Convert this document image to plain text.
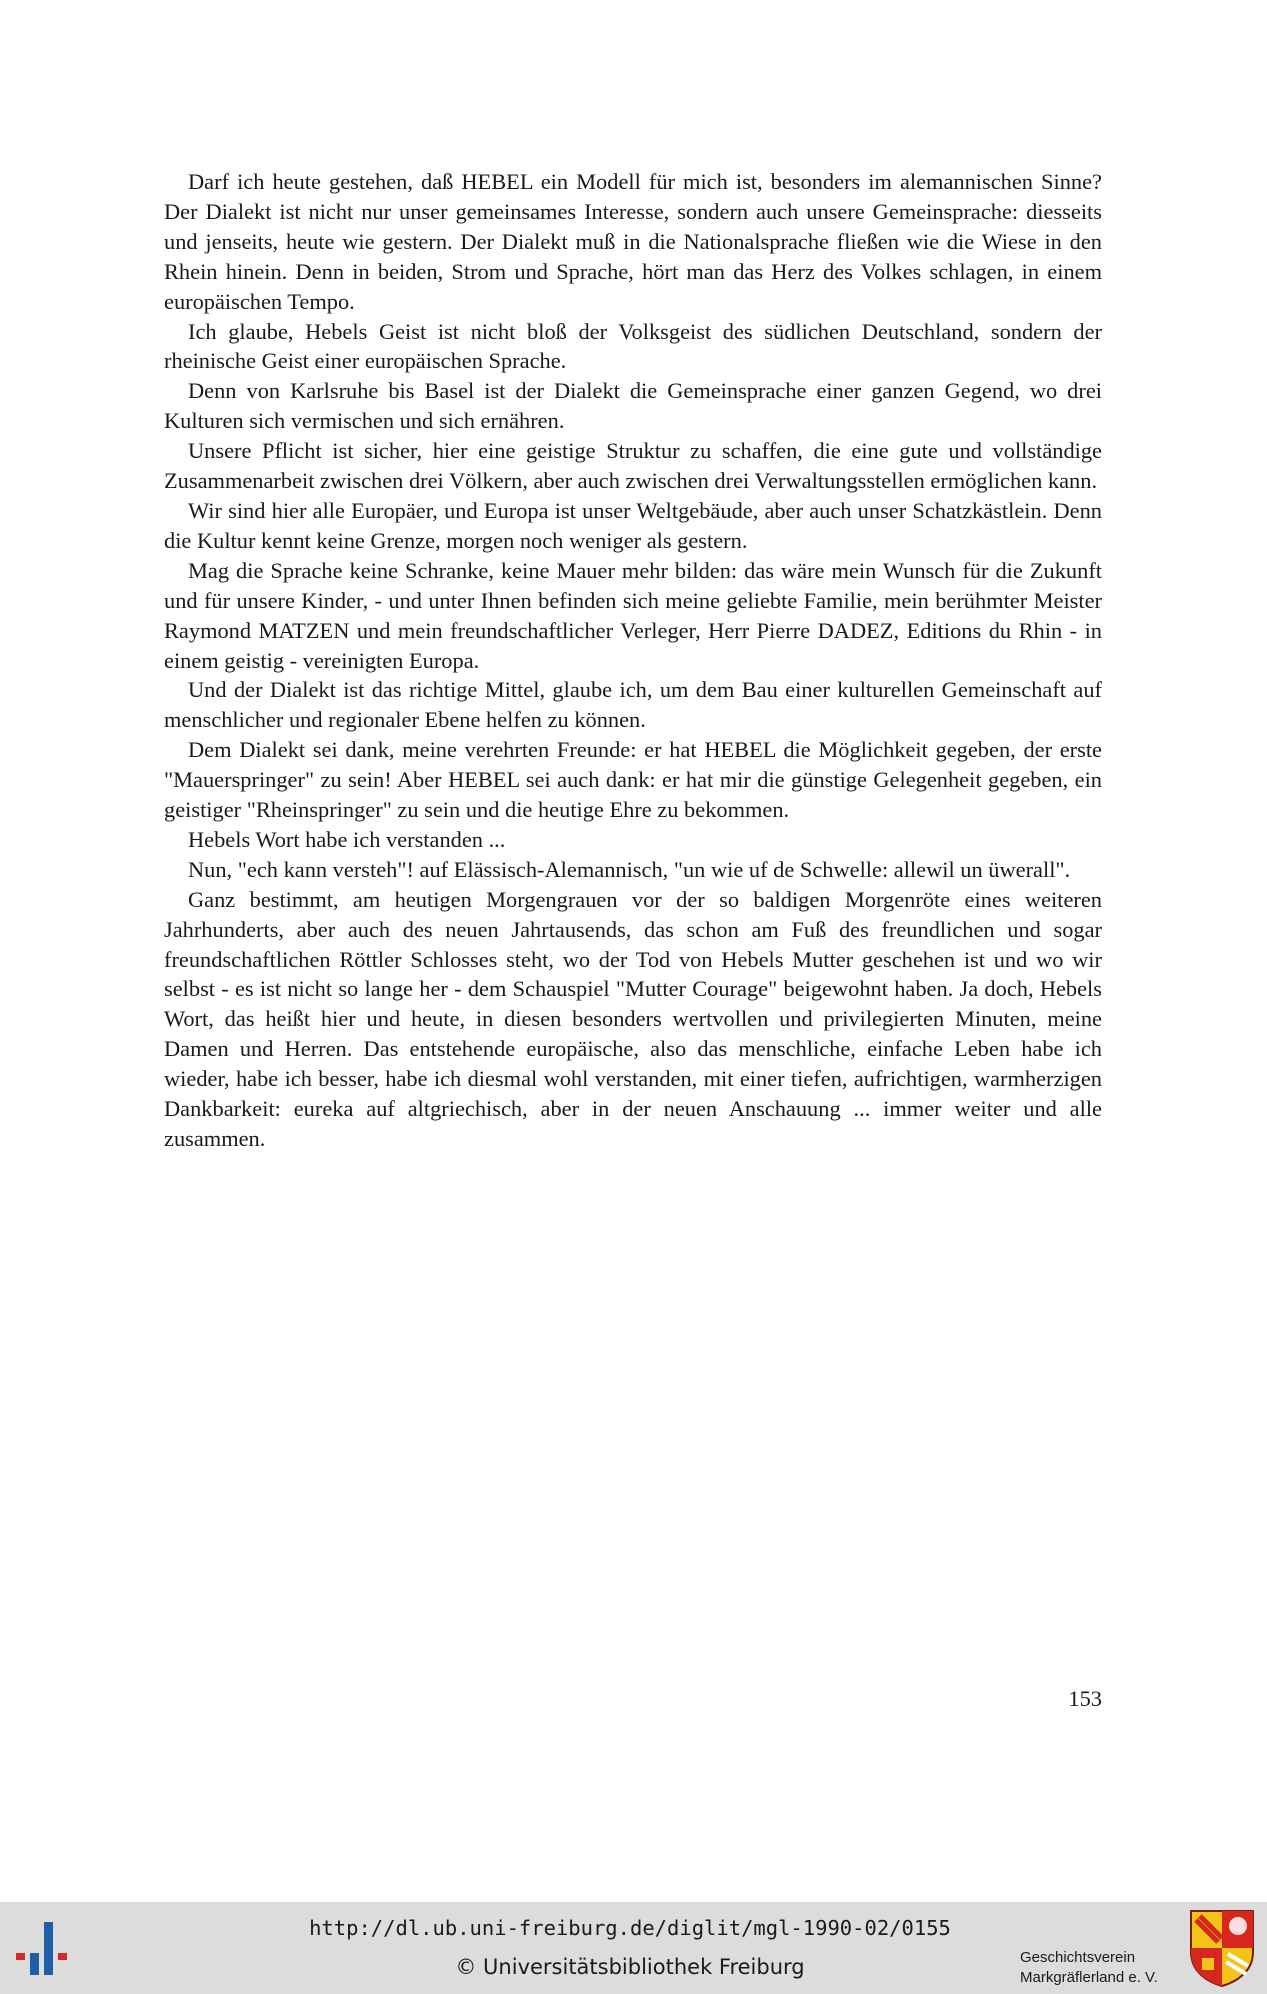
Darf ich heute gestehen, daß HEBEL ein Modell für mich ist, besonders im alemannischen Sinne? Der Dialekt ist nicht nur unser gemeinsames Interesse, sondern auch unsere Gemeinsprache: diesseits und jenseits, heute wie gestern. Der Dialekt muß in die Nationalsprache fließen wie die Wiese in den Rhein hinein. Denn in beiden, Strom und Sprache, hört man das Herz des Volkes schlagen, in einem europäischen Tempo.

Ich glaube, Hebels Geist ist nicht bloß der Volksgeist des südlichen Deutschland, sondern der rheinische Geist einer europäischen Sprache.

Denn von Karlsruhe bis Basel ist der Dialekt die Gemeinsprache einer ganzen Gegend, wo drei Kulturen sich vermischen und sich ernähren.

Unsere Pflicht ist sicher, hier eine geistige Struktur zu schaffen, die eine gute und vollständige Zusammenarbeit zwischen drei Völkern, aber auch zwischen drei Verwaltungsstellen ermöglichen kann.

Wir sind hier alle Europäer, und Europa ist unser Weltgebäude, aber auch unser Schatzkästlein. Denn die Kultur kennt keine Grenze, morgen noch weniger als gestern.

Mag die Sprache keine Schranke, keine Mauer mehr bilden: das wäre mein Wunsch für die Zukunft und für unsere Kinder, - und unter Ihnen befinden sich meine geliebte Familie, mein berühmter Meister Raymond MATZEN und mein freundschaftlicher Verleger, Herr Pierre DADEZ, Editions du Rhin - in einem geistig - vereinigten Europa.

Und der Dialekt ist das richtige Mittel, glaube ich, um dem Bau einer kulturellen Gemeinschaft auf menschlicher und regionaler Ebene helfen zu können.

Dem Dialekt sei dank, meine verehrten Freunde: er hat HEBEL die Möglichkeit gegeben, der erste "Mauerspringer" zu sein! Aber HEBEL sei auch dank: er hat mir die günstige Gelegenheit gegeben, ein geistiger "Rheinspringer" zu sein und die heutige Ehre zu bekommen.

Hebels Wort habe ich verstanden ...

Nun, "ech kann versteh"! auf Elässisch-Alemannisch, "un wie uf de Schwelle: allewil un üwerall".

Ganz bestimmt, am heutigen Morgengrauen vor der so baldigen Morgenröte eines weiteren Jahrhunderts, aber auch des neuen Jahrtausends, das schon am Fuß des freundlichen und sogar freundschaftlichen Röttler Schlosses steht, wo der Tod von Hebels Mutter geschehen ist und wo wir selbst - es ist nicht so lange her - dem Schauspiel "Mutter Courage" beigewohnt haben. Ja doch, Hebels Wort, das heißt hier und heute, in diesen besonders wertvollen und privilegierten Minuten, meine Damen und Herren. Das entstehende europäische, also das menschliche, einfache Leben habe ich wieder, habe ich besser, habe ich diesmal wohl verstanden, mit einer tiefen, aufrichtigen, warmherzigen Dankbarkeit: eureka auf altgriechisch, aber in der neuen Anschauung ... immer weiter und alle zusammen.

153
http://dl.ub.uni-freiburg.de/diglit/mgl-1990-02/0155
© Universitätsbibliothek Freiburg	Geschichtsverein
Markgräflerland e. V.
